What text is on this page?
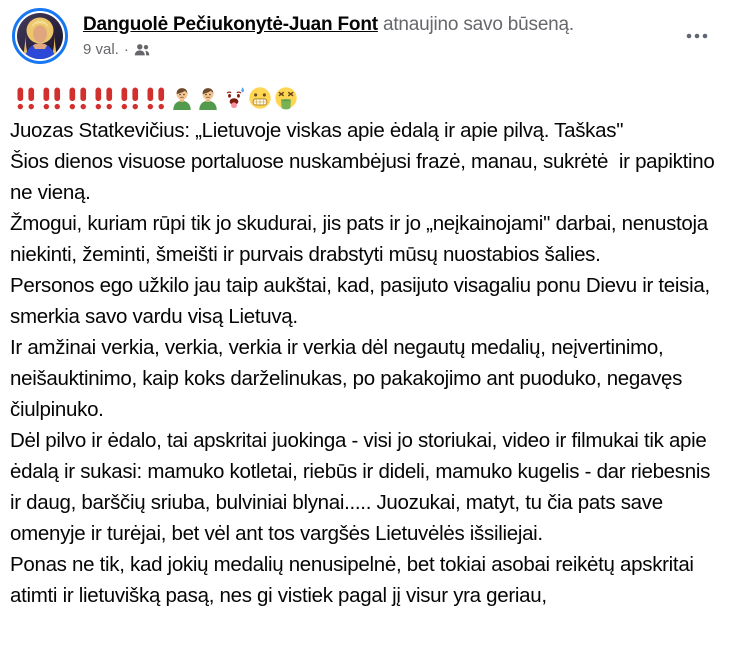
Danguolė Pečiukonytė-Juan Font atnaujino savo būseną.
9 val. ·

Juozas Statkevičius: „Lietuvoje viskas apie ėdalą ir apie pilvą. Taškas''

Šios dienos visuose portaluose nuskambėjusi frazė, manau, sukrėtė  ir papiktino ne vieną.

Žmogui, kuriam rūpi tik jo skudurai, jis pats ir jo „neįkainojami'' darbai, nenustoja niekinti, žeminti, šmeišti ir purvais drabstyti mūsų nuostabios šalies.

Personos ego užkilo jau taip aukštai, kad, pasijuto visagaliu ponu Dievu ir teisia, smerkia savo vardu visą Lietuvą.

Ir amžinai verkia, verkia, verkia ir verkia dėl negautų medalių, neįvertinimo, neišauktinimo, kaip koks darželinukas, po pakakojimo ant puoduko, negavęs čiulpinuko.

Dėl pilvo ir ėdalo, tai apskritai juokinga - visi jo storiukai, video ir filmukai tik apie ėdalą ir sukasi: mamuko kotletai, riebūs ir dideli, mamuko kugelis - dar riebesnis ir daug, barščių sriuba, bulviniai blynai..... Juozukai, matyt, tu čia pats save omenyje ir turėjai, bet vėl ant tos vargšės Lietuvėlės išsiliejai.

Ponas ne tik, kad jokių medalių nenusipelnė, bet tokiai asobai reikėtų apskritai atimti ir lietuvišką pasą, nes gi vistiek pagal jį visur yra geriau,
